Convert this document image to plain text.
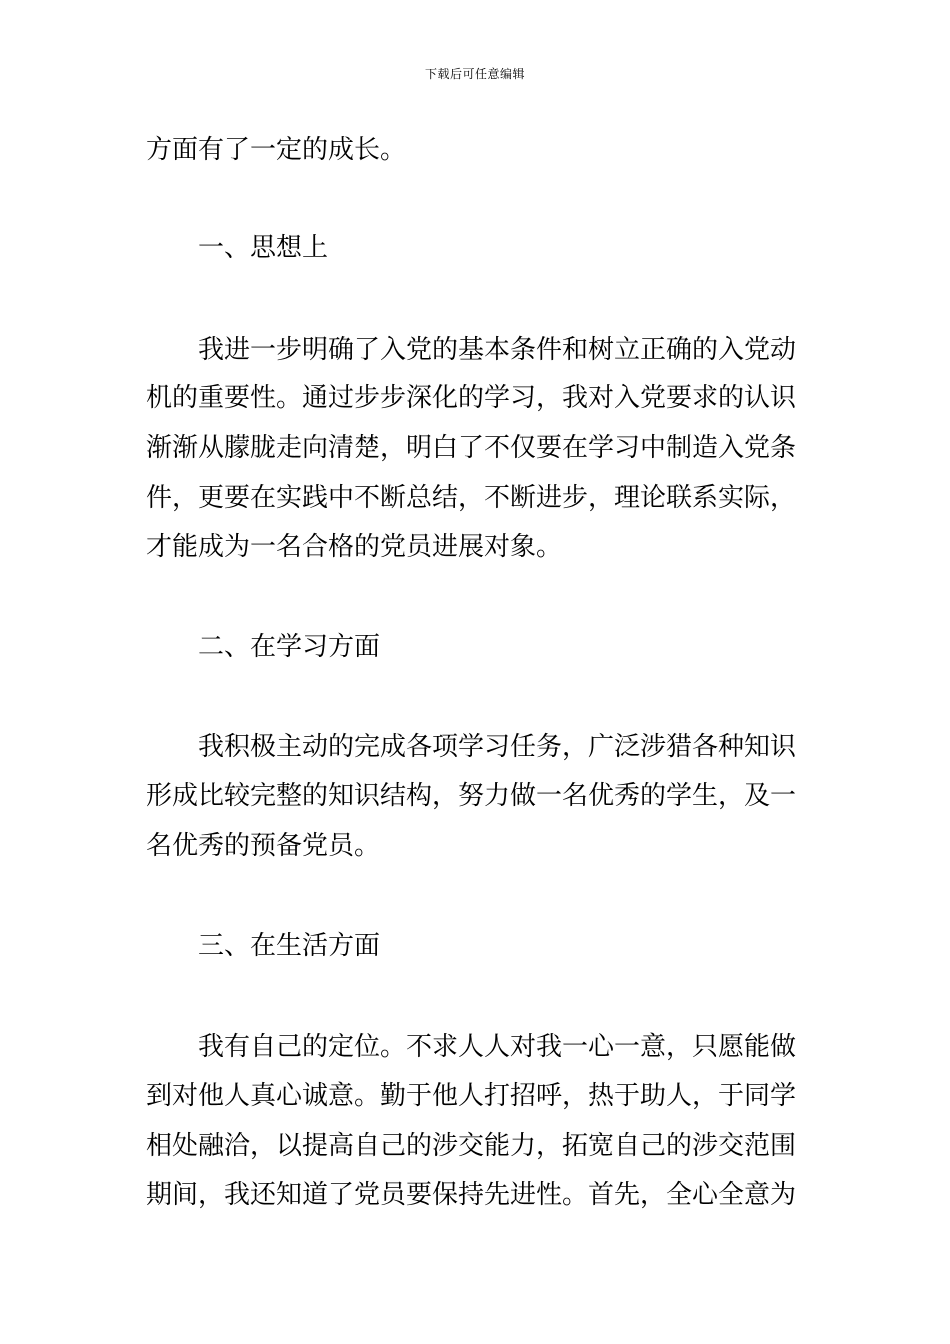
下载后可任意编辑
方面有了一定的成长。
一、思想上
我进一步明确了入党的基本条件和树立正确的入党动
机的重要性。通过步步深化的学习，我对入党要求的认识
渐渐从朦胧走向清楚，明白了不仅要在学习中制造入党条
件，更要在实践中不断总结，不断进步，理论联系实际，
才能成为一名合格的党员进展对象。
二、在学习方面
我积极主动的完成各项学习任务，广泛涉猎各种知识
形成比较完整的知识结构，努力做一名优秀的学生，及一
名优秀的预备党员。
三、在生活方面
我有自己的定位。不求人人对我一心一意，只愿能做
到对他人真心诚意。勤于他人打招呼，热于助人，于同学
相处融洽，以提高自己的涉交能力，拓宽自己的涉交范围
期间，我还知道了党员要保持先进性。首先，全心全意为
